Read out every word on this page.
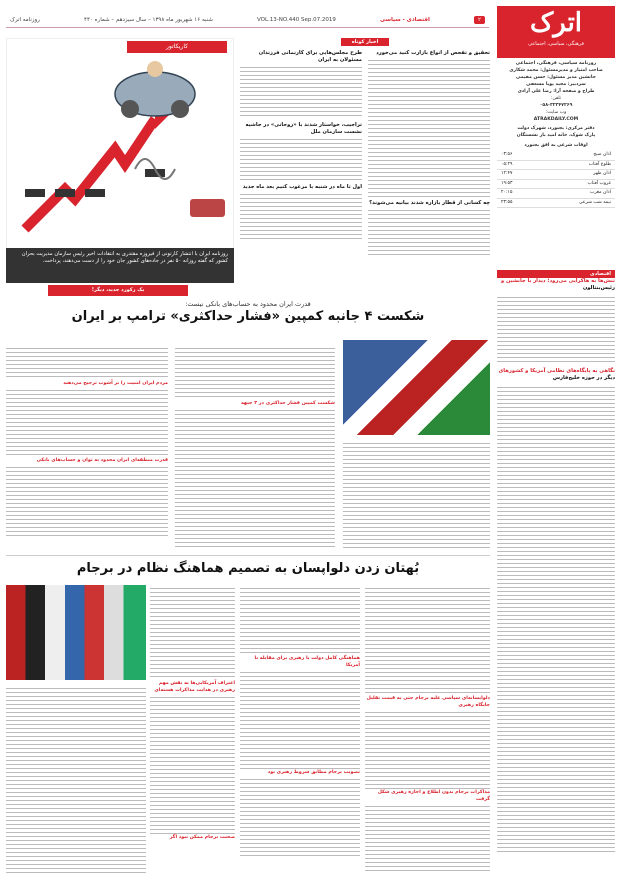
۲
اقتصادی - سیاسی
VOL.13-NO.440 Sep.07.2019
شنبه ۱۶ شهریور ماه ۱۳۹۸ – سال سیزدهم – شماره ۴۴۰
روزنامه اترک	اترک
فرهنگی، سیاسی، اجتماعی
روزنامه سیاسی، فرهنگی، اجتماعی
صاحب امتیاز و مدیرمسئول: محمد شکاری
جانشین مدیر مسئول: حسن مقیمی
سردبیر: مجید پویا مسعفی
طراح و صفحه آرا: رضا علی آزادی
تلفن:
۰۵۸-۳۲۳۴۷۲۶۹
وب سایت:
ATRAKDAILY.COM
دفتر مرکزی: بجنورد، شهرک دولت
پارک شوک، خانه امید باز نشستگان
اوقات شرعی به افق بجنورد
اذان صبح	۰۳:۵۶
طلوع آفتاب	۰۵:۲۹
اذان ظهر	۱۲:۴۷
غروب آفتاب	۱۹:۵۳
اذان مغرب	۲۰:۱۵
نیمه شب شرعی	۲۳:۵۵
اقتصادی
تنش‌ها به هاکرایی می‌رود؛ دیدار با جانشین و
رئیس‌بنتالون
نگاهی به پایگاه‌های نظامی آمریکا و کشورهای
دیگر در حوزه خلیج‌فارس
اخبار کوتاه
تحقیق و تفحص از انواع بازارت کنید می‌خورد
چه کسانی از قطار بازاره شدند بیانیه می‌شوند؟
طرح مجلس‌هایی برای کارنمانی فرزندان
مسئولان به ایران
تراجیب، خواستار شدند با «روحانی» در حاشیه
نشست سازمان ملل
اول تا ماه در شنبه با مرغوب کنیم بعد ماه جدید
کاریکاتور
روزنامه ایران با انتشار کارتونی از فیروزه مقتدری به انتقادات اخیر رئیس سازمان مدیریت بحران کشور که گفته روزانه ۵۰ نفر در جاده‌های کشور جان خود را از دست می‌دهند، پرداخت.
یک رکورد جدید، دیگر!
قدرت ایران محدود به حساب‌های بانکی نیست:
شکست ۴ جانبه کمپین «فشار حداکثری» ترامپ بر ایران
شکست کمپین فشار حداکثری در ۴ جبهه
مردم ایران امنیت را بر آشوب ترجیح می‌دهند
قدرت منطقه‌ای ایران محدود به توان و حساب‌های بانکی
بُهتان زدن دلواپسان به تصمیم هماهنگ نظام در برجام
اعتراف آمریکایی‌ها به نقش مهم رهبری در هدایت مذاکرات هسته‌ای
صحبت برجام ممکن نبود اگر
هماهنگی کامل دولت با رهبری برای مقابله با آمریکا
تصویب برجام مطابق شروط رهبری بود
دلواپسانه‌ای سیاسی علیه برجام حتی به قیمت تقلیل جایگاه رهبری
مذاکرات برجام بدون اطلاع و اجازه رهبری شکل گرفت
